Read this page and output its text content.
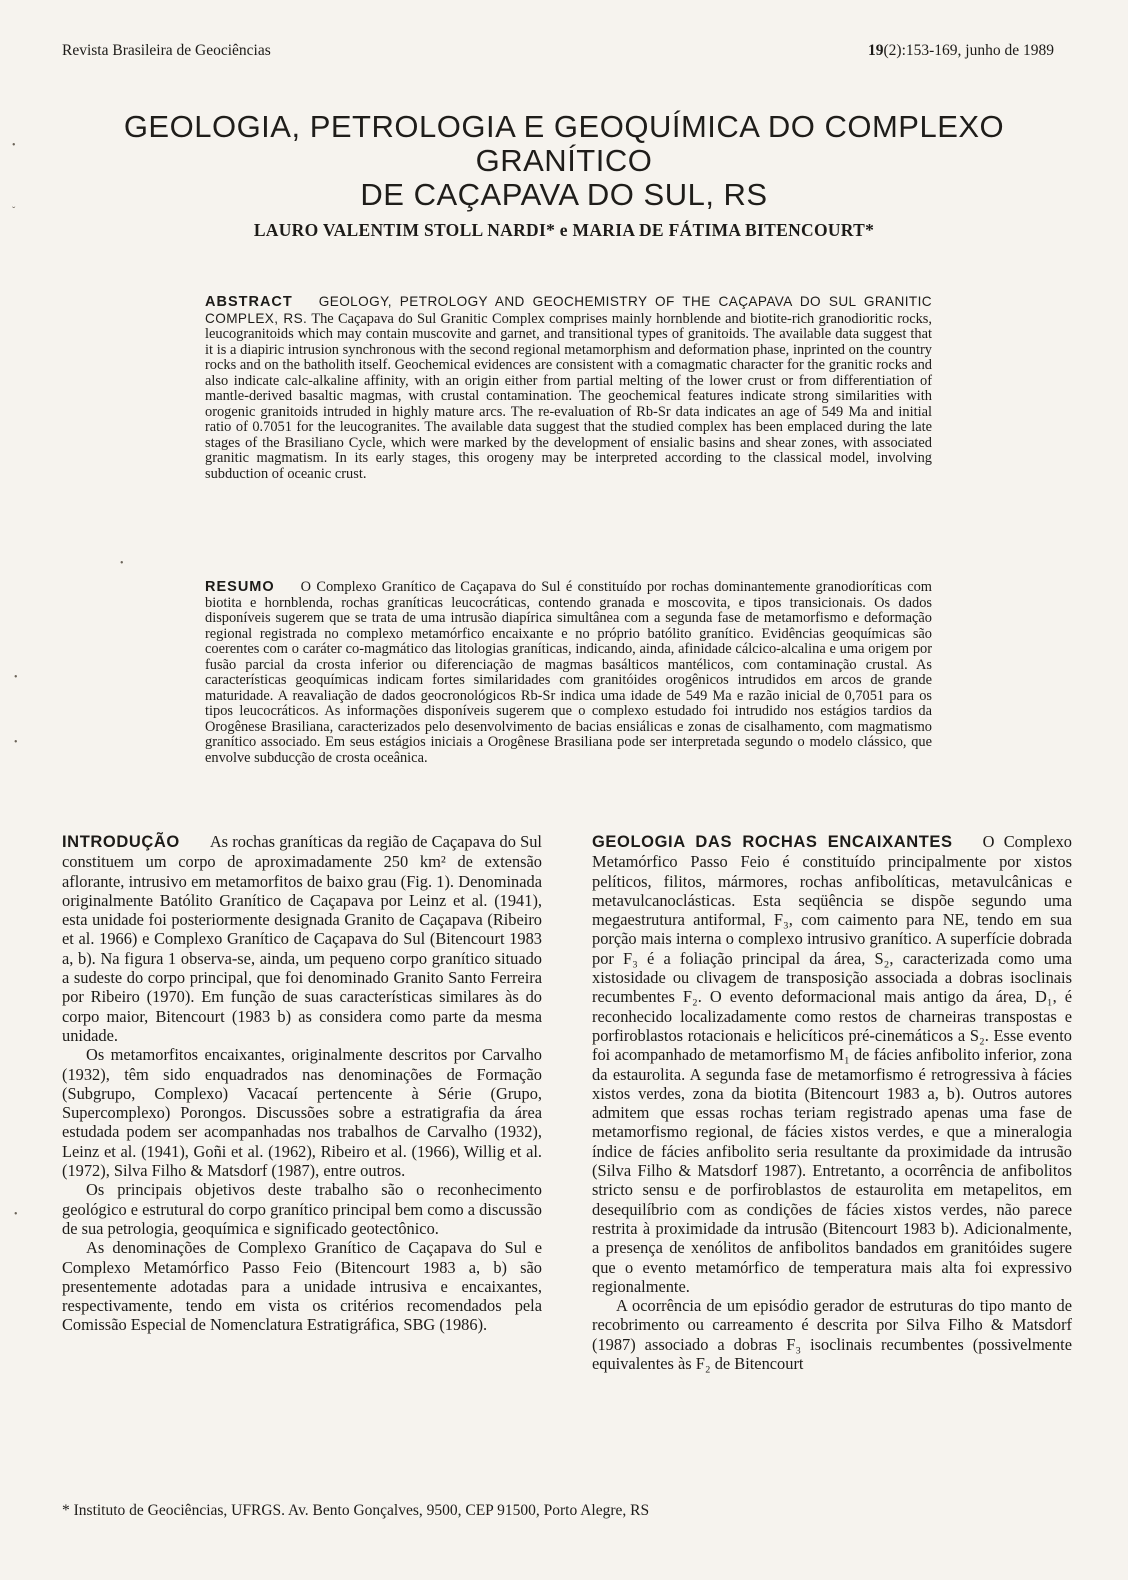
Revista Brasileira de Geociências	19(2):153-169, junho de 1989
GEOLOGIA, PETROLOGIA E GEOQUÍMICA DO COMPLEXO GRANÍTICO
DE CAÇAPAVA DO SUL, RS
LAURO VALENTIM STOLL NARDI* e MARIA DE FÁTIMA BITENCOURT*
ABSTRACT GEOLOGY, PETROLOGY AND GEOCHEMISTRY OF THE CAÇAPAVA DO SUL GRANITIC COMPLEX, RS. The Caçapava do Sul Granitic Complex comprises mainly hornblende and biotite-rich granodioritic rocks, leucogranitoids which may contain muscovite and garnet, and transitional types of granitoids. The available data suggest that it is a diapiric intrusion synchronous with the second regional metamorphism and deformation phase, inprinted on the country rocks and on the batholith itself. Geochemical evidences are consistent with a comagmatic character for the granitic rocks and also indicate calc-alkaline affinity, with an origin either from partial melting of the lower crust or from differentiation of mantle-derived basaltic magmas, with crustal contamination. The geochemical features indicate strong similarities with orogenic granitoids intruded in highly mature arcs. The re-evaluation of Rb-Sr data indicates an age of 549 Ma and initial ratio of 0.7051 for the leucogranites. The available data suggest that the studied complex has been emplaced during the late stages of the Brasiliano Cycle, which were marked by the development of ensialic basins and shear zones, with associated granitic magmatism. In its early stages, this orogeny may be interpreted according to the classical model, involving subduction of oceanic crust.
RESUMO O Complexo Granítico de Caçapava do Sul é constituído por rochas dominantemente granodioríticas com biotita e hornblenda, rochas graníticas leucocráticas, contendo granada e moscovita, e tipos transicionais. Os dados disponíveis sugerem que se trata de uma intrusão diapírica simultânea com a segunda fase de metamorfismo e deformação regional registrada no complexo metamórfico encaixante e no próprio batólito granítico. Evidências geoquímicas são coerentes com o caráter co-magmático das litologias graníticas, indicando, ainda, afinidade cálcico-alcalina e uma origem por fusão parcial da crosta inferior ou diferenciação de magmas basálticos mantélicos, com contaminação crustal. As características geoquímicas indicam fortes similaridades com granitóides orogênicos intrudidos em arcos de grande maturidade. A reavaliação de dados geocronológicos Rb-Sr indica uma idade de 549 Ma e razão inicial de 0,7051 para os tipos leucocráticos. As informações disponíveis sugerem que o complexo estudado foi intrudido nos estágios tardios da Orogênese Brasiliana, caracterizados pelo desenvolvimento de bacias ensiálicas e zonas de cisalhamento, com magmatismo granítico associado. Em seus estágios iniciais a Orogênese Brasiliana pode ser interpretada segundo o modelo clássico, que envolve subducção de crosta oceânica.

INTRODUÇÃO As rochas graníticas da região de Caçapava do Sul constituem um corpo de aproximadamente 250 km² de extensão aflorante, intrusivo em metamorfitos de baixo grau (Fig. 1). Denominada originalmente Batólito Granítico de Caçapava por Leinz et al. (1941), esta unidade foi posteriormente designada Granito de Caçapava (Ribeiro et al. 1966) e Complexo Granítico de Caçapava do Sul (Bitencourt 1983 a, b). Na figura 1 observa-se, ainda, um pequeno corpo granítico situado a sudeste do corpo principal, que foi denominado Granito Santo Ferreira por Ribeiro (1970). Em função de suas características similares às do corpo maior, Bitencourt (1983 b) as considera como parte da mesma unidade.

Os metamorfitos encaixantes, originalmente descritos por Carvalho (1932), têm sido enquadrados nas denominações de Formação (Subgrupo, Complexo) Vacacaí pertencente à Série (Grupo, Supercomplexo) Porongos. Discussões sobre a estratigrafia da área estudada podem ser acompanhadas nos trabalhos de Carvalho (1932), Leinz et al. (1941), Goñi et al. (1962), Ribeiro et al. (1966), Willig et al. (1972), Silva Filho & Matsdorf (1987), entre outros.

Os principais objetivos deste trabalho são o reconhecimento geológico e estrutural do corpo granítico principal bem como a discussão de sua petrologia, geoquímica e significado geotectônico.

As denominações de Complexo Granítico de Caçapava do Sul e Complexo Metamórfico Passo Feio (Bitencourt 1983 a, b) são presentemente adotadas para a unidade intrusiva e encaixantes, respectivamente, tendo em vista os critérios recomendados pela Comissão Especial de Nomenclatura Estratigráfica, SBG (1986).

GEOLOGIA DAS ROCHAS ENCAIXANTES O Complexo Metamórfico Passo Feio é constituído principalmente por xistos pelíticos, filitos, mármores, rochas anfibolíticas, metavulcânicas e metavulcanoclásticas. Esta seqüência se dispõe segundo uma megaestrutura antiformal, F₃, com caimento para NE, tendo em sua porção mais interna o complexo intrusivo granítico. A superfície dobrada por F₃ é a foliação principal da área, S₂, caracterizada como uma xistosidade ou clivagem de transposição associada a dobras isoclinais recumbentes F₂. O evento deformacional mais antigo da área, D₁, é reconhecido localizadamente como restos de charneiras transpostas e porfiroblastos rotacionais e helicíticos pré-cinemáticos a S₂. Esse evento foi acompanhado de metamorfismo M₁ de fácies anfibolito inferior, zona da estaurolita. A segunda fase de metamorfismo é retrogressiva à fácies xistos verdes, zona da biotita (Bitencourt 1983 a, b). Outros autores admitem que essas rochas teriam registrado apenas uma fase de metamorfismo regional, de fácies xistos verdes, e que a mineralogia índice de fácies anfibolito seria resultante da proximidade da intrusão (Silva Filho & Matsdorf 1987). Entretanto, a ocorrência de anfibolitos stricto sensu e de porfiroblastos de estaurolita em metapelitos, em desequilíbrio com as condições de fácies xistos verdes, não parece restrita à proximidade da intrusão (Bitencourt 1983 b). Adicionalmente, a presença de xenólitos de anfibolitos bandados em granitóides sugere que o evento metamórfico de temperatura mais alta foi expressivo regionalmente.

A ocorrência de um episódio gerador de estruturas do tipo manto de recobrimento ou carreamento é descrita por Silva Filho & Matsdorf (1987) associado a dobras F₃ isoclinais recumbentes (possivelmente equivalentes às F₂ de Bitencourt

* Instituto de Geociências, UFRGS. Av. Bento Gonçalves, 9500, CEP 91500, Porto Alegre, RS
•
ˇ
•
•
•
•
